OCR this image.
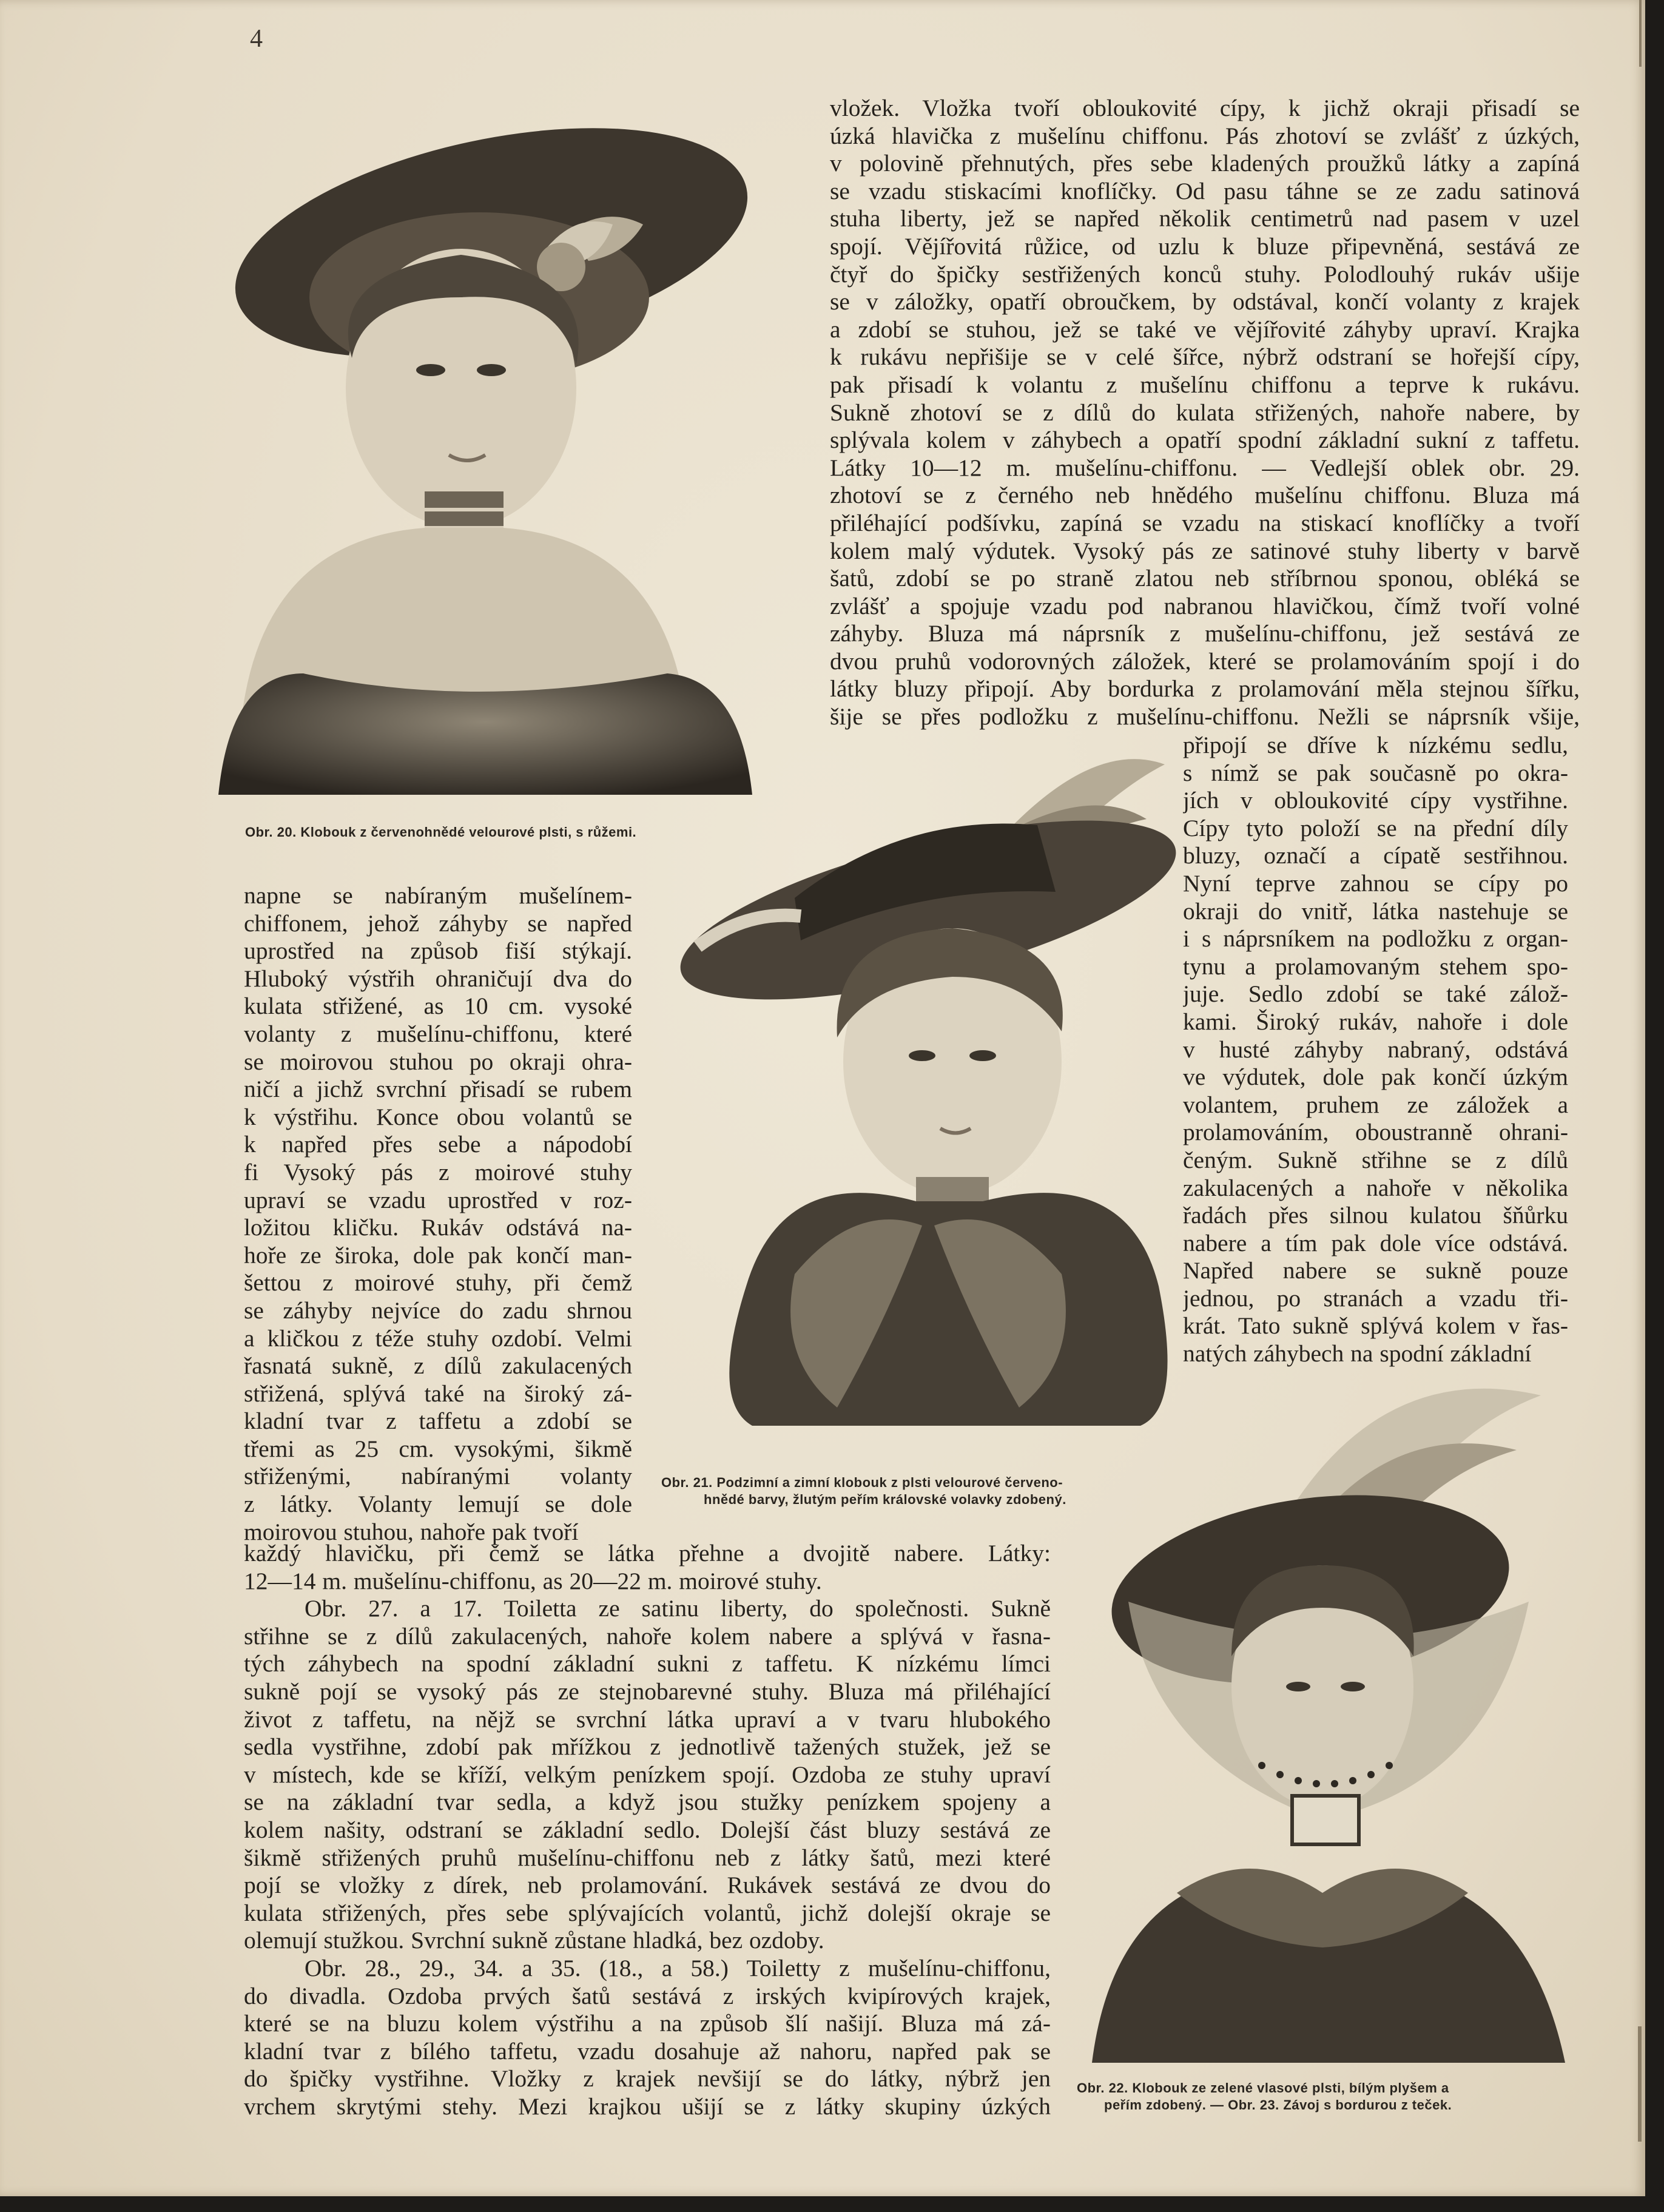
4
Obr. 20. Klobouk z červenohnědé velourové plsti, s růžemi.
Obr. 21. Podzimní a zimní klobouk z plsti velourové červeno-
hnědé barvy, žlutým peřím královské volavky zdobený.
Obr. 22. Klobouk ze zelené vlasové plsti, bílým plyšem a
peřím zdobený. — Obr. 23. Závoj s bordurou z teček.
vložek. Vložka tvoří obloukovité cípy, k jichž okraji přisadí se
úzká hlavička z mušelínu chiffonu. Pás zhotoví se zvlášť z úzkých,
v polovině přehnutých, přes sebe kladených proužků látky a zapíná
se vzadu stiskacími knoflíčky. Od pasu táhne se ze zadu satinová
stuha liberty, jež se napřed několik centimetrů nad pasem v uzel
spojí. Vějířovitá růžice, od uzlu k bluze připevněná, sestává ze
čtyř do špičky sestřižených konců stuhy. Polodlouhý rukáv ušije
se v záložky, opatří obroučkem, by odstával, končí volanty z krajek
a zdobí se stuhou, jež se také ve vějířovité záhyby upraví. Krajka
k rukávu nepřišije se v celé šířce, nýbrž odstraní se hořejší cípy,
pak přisadí k volantu z mušelínu chiffonu a teprve k rukávu.
Sukně zhotoví se z dílů do kulata střižených, nahoře nabere, by
splývala kolem v záhybech a opatří spodní základní sukní z taffetu.
Látky 10—12 m. mušelínu-chiffonu. — Vedlejší oblek obr. 29.
zhotoví se z černého neb hnědého mušelínu chiffonu. Bluza má
přiléhající podšívku, zapíná se vzadu na stiskací knoflíčky a tvoří
kolem malý výdutek. Vysoký pás ze satinové stuhy liberty v barvě
šatů, zdobí se po straně zlatou neb stříbrnou sponou, obléká se
zvlášť a spojuje vzadu pod nabranou hlavičkou, čímž tvoří volné
záhyby. Bluza má náprsník z mušelínu-chiffonu, jež sestává ze
dvou pruhů vodorovných záložek, které se prolamováním spojí i do
látky bluzy připojí. Aby bordurka z prolamování měla stejnou šířku,
šije se přes podložku z mušelínu-chiffonu. Nežli se náprsník všije,
připojí se dříve k nízkému sedlu,
s nímž se pak současně po okra-
jích v obloukovité cípy vystřihne.
Cípy tyto položí se na přední díly
bluzy, označí a cípatě sestřihnou.
Nyní teprve zahnou se cípy po
okraji do vnitř, látka nastehuje se
i s náprsníkem na podložku z organ-
tynu a prolamovaným stehem spo-
juje. Sedlo zdobí se také zálož-
kami. Široký rukáv, nahoře i dole
v husté záhyby nabraný, odstává
ve výdutek, dole pak končí úzkým
volantem, pruhem ze záložek a
prolamováním, oboustranně ohrani-
čeným. Sukně střihne se z dílů
zakulacených a nahoře v několika
řadách přes silnou kulatou šňůrku
nabere a tím pak dole více odstává.
Napřed nabere se sukně pouze
jednou, po stranách a vzadu tři-
krát. Tato sukně splývá kolem v řas-
natých záhybech na spodní základní
napne se nabíraným mušelínem-
chiffonem, jehož záhyby se napřed
uprostřed na způsob fiší stýkají.
Hluboký výstřih ohraničují dva do
kulata střižené, as 10 cm. vysoké
volanty z mušelínu-chiffonu, které
se moirovou stuhou po okraji ohra-
ničí a jichž svrchní přisadí se rubem
k výstřihu. Konce obou volantů se
k napřed přes sebe a nápodobí
fi Vysoký pás z moirové stuhy
upraví se vzadu uprostřed v roz-
ložitou kličku. Rukáv odstává na-
hoře ze široka, dole pak končí man-
šettou z moirové stuhy, při čemž
se záhyby nejvíce do zadu shrnou
a kličkou z téže stuhy ozdobí. Velmi
řasnatá sukně, z dílů zakulacených
střižená, splývá také na široký zá-
kladní tvar z taffetu a zdobí se
třemi as 25 cm. vysokými, šikmě
střiženými, nabíranými volanty
z látky. Volanty lemují se dole
moirovou stuhou, nahoře pak tvoří
každý hlavičku, při čemž se látka přehne a dvojitě nabere. Látky:
12—14 m. mušelínu-chiffonu, as 20—22 m. moirové stuhy.
Obr. 27. a 17. Toiletta ze satinu liberty, do společnosti. Sukně
střihne se z dílů zakulacených, nahoře kolem nabere a splývá v řasna-
tých záhybech na spodní základní sukni z taffetu. K nízkému límci
sukně pojí se vysoký pás ze stejnobarevné stuhy. Bluza má přiléhající
život z taffetu, na nějž se svrchní látka upraví a v tvaru hlubokého
sedla vystřihne, zdobí pak mřížkou z jednotlivě tažených stužek, jež se
v místech, kde se kříží, velkým penízkem spojí. Ozdoba ze stuhy upraví
se na základní tvar sedla, a když jsou stužky penízkem spojeny a
kolem našity, odstraní se základní sedlo. Dolejší část bluzy sestává ze
šikmě střižených pruhů mušelínu-chiffonu neb z látky šatů, mezi které
pojí se vložky z dírek, neb prolamování. Rukávek sestává ze dvou do
kulata střižených, přes sebe splývajících volantů, jichž dolejší okraje se
olemují stužkou. Svrchní sukně zůstane hladká, bez ozdoby.
Obr. 28., 29., 34. a 35. (18., a 58.) Toiletty z mušelínu-chiffonu,
do divadla. Ozdoba prvých šatů sestává z irských kvipírových krajek,
které se na bluzu kolem výstřihu a na způsob šlí našijí. Bluza má zá-
kladní tvar z bílého taffetu, vzadu dosahuje až nahoru, napřed pak se
do špičky vystřihne. Vložky z krajek nevšijí se do látky, nýbrž jen
vrchem skrytými stehy. Mezi krajkou ušijí se z látky skupiny úzkých
